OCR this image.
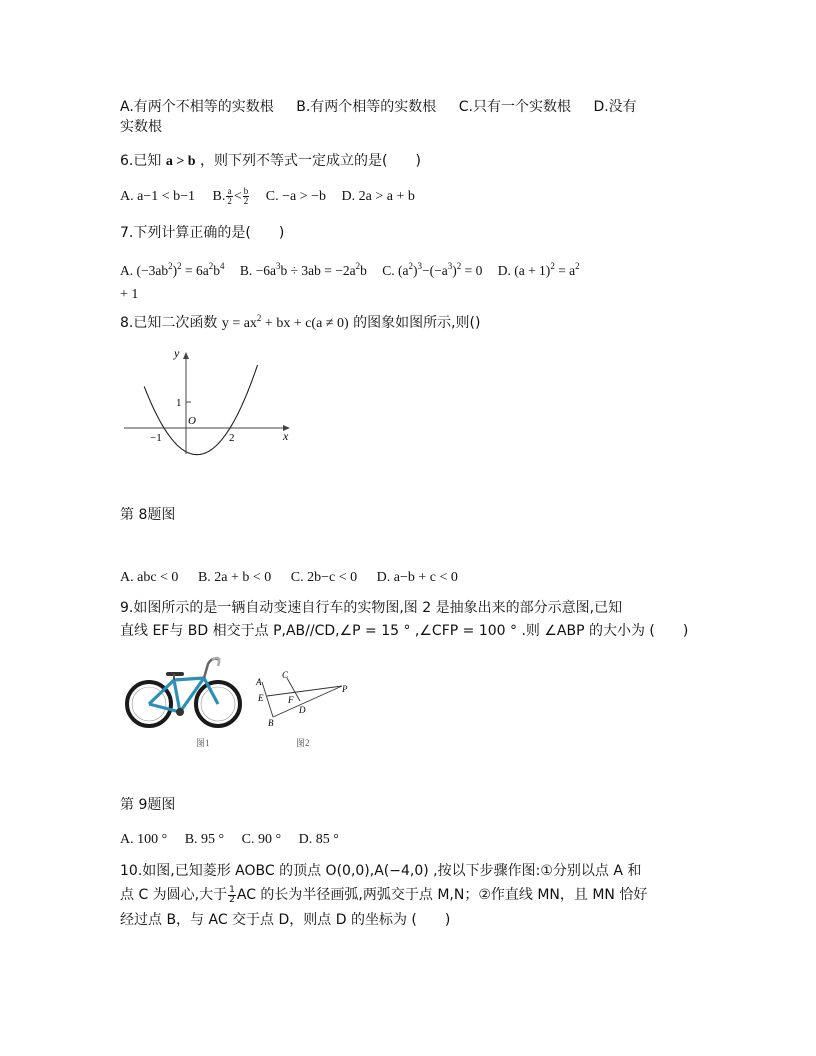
A.有两个不相等的实数根 B.有两个相等的实数根 C.只有一个实数根 D.没有
实数根
6.已知 a > b ，则下列不等式一定成立的是(　　)
A. a−1 < b−1 B. $\frac{a}{2} < \frac{b}{2} C$. −a > −b D. 2a > a + b
7.下列计算正确的是(　　)
A. $(-3ab^2)^2 = 6a^2b^4$ B. $-6a^3b \div 3ab = -2a^2b$ C. $(a^2)^3-(-a^3)^2 = 0$ D. $(a + 1)^2 = a^2$
+ 1
8.已知二次函数 $y = ax^2$ + bx + c(a ≠ 0) 的图象如图所示,则()
x
y
O
1
−1	2
第 8题图
A. abc < 0 B. 2a + b < 0 C. 2b−c < 0 D. a−b + c < 0
9.如图所示的是一辆自动变速自行车的实物图,图 2 是抽象出来的部分示意图,已知
直线 EF与 BD 相交于点 P,AB//CD,∠P = 15 ° ,∠CFP = 100 ° .则 ∠ABP 的大小为 (　　)
图1
A
C
E	F
D
B
P
图2
第 9题图
A. 100 °　 B. 95 °　 C. 90 °　 D. 85 °
10.如图,已知菱形 AOBC 的顶点 O(0,0),A(−4,0) ,按以下步骤作图:①分别以点 A 和
点 C 为圆心,大于 $\frac{1}{2}$ AC 的长为半径画弧,两弧交于点 M,N；②作直线 MN，且 MN 恰好
经过点 B，与 AC 交于点 D，则点 D 的坐标为 (　　)
